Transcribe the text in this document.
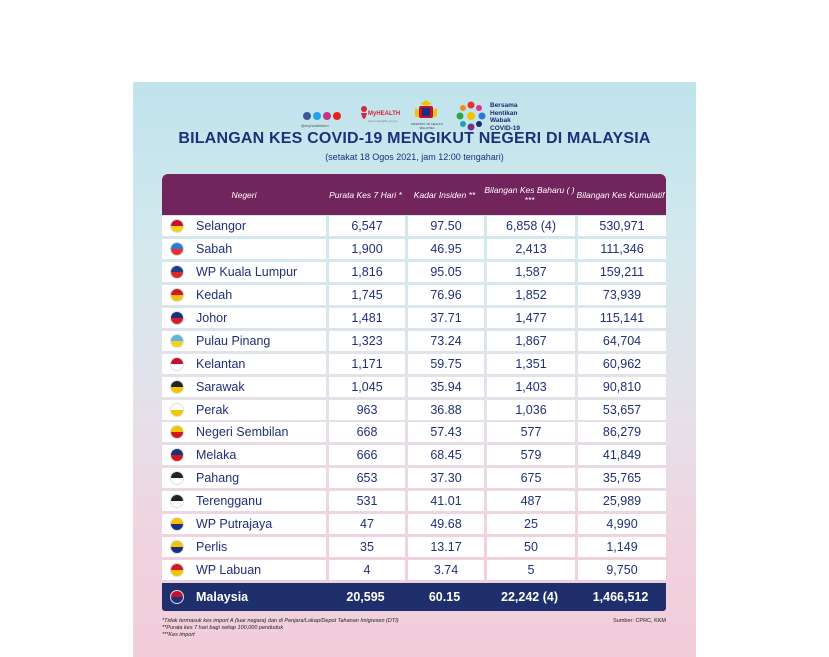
@myhealthkkm
MyHEALTH
www.myhealth.gov.my
MINISTRY OF HEALTH MALAYSIA
Bersama
Hentikan
Wabak
COVID-19
BILANGAN KES COVID-19 MENGIKUT NEGERI DI MALAYSIA
(setakat 18 Ogos 2021, jam 12:00 tengahari)
Negeri	Purata Kes 7 Hari *	Kadar Insiden **	Bilangan Kes Baharu ( ) ***	Bilangan Kes Kumulatif
Selangor	6,547	97.50	6,858 (4)	530,971
Sabah	1,900	46.95	2,413	111,346
WP Kuala Lumpur	1,816	95.05	1,587	159,211
Kedah	1,745	76.96	1,852	73,939
Johor	1,481	37.71	1,477	115,141
Pulau Pinang	1,323	73.24	1,867	64,704
Kelantan	1,171	59.75	1,351	60,962
Sarawak	1,045	35.94	1,403	90,810
Perak	963	36.88	1,036	53,657
Negeri Sembilan	668	57.43	577	86,279
Melaka	666	68.45	579	41,849
Pahang	653	37.30	675	35,765
Terengganu	531	41.01	487	25,989
WP Putrajaya	47	49.68	25	4,990
Perlis	35	13.17	50	1,149
WP Labuan	4	3.74	5	9,750
Malaysia	20,595	60.15	22,242 (4)	1,466,512
*Tidak termasuk kes import A (luar negara) dan di Penjara/Lokap/Depot Tahanan Imigresen (DTI)
**Purata kes 7 hari bagi setiap 100,000 penduduk
***Kes import
Sumber: CPRC, KKM
